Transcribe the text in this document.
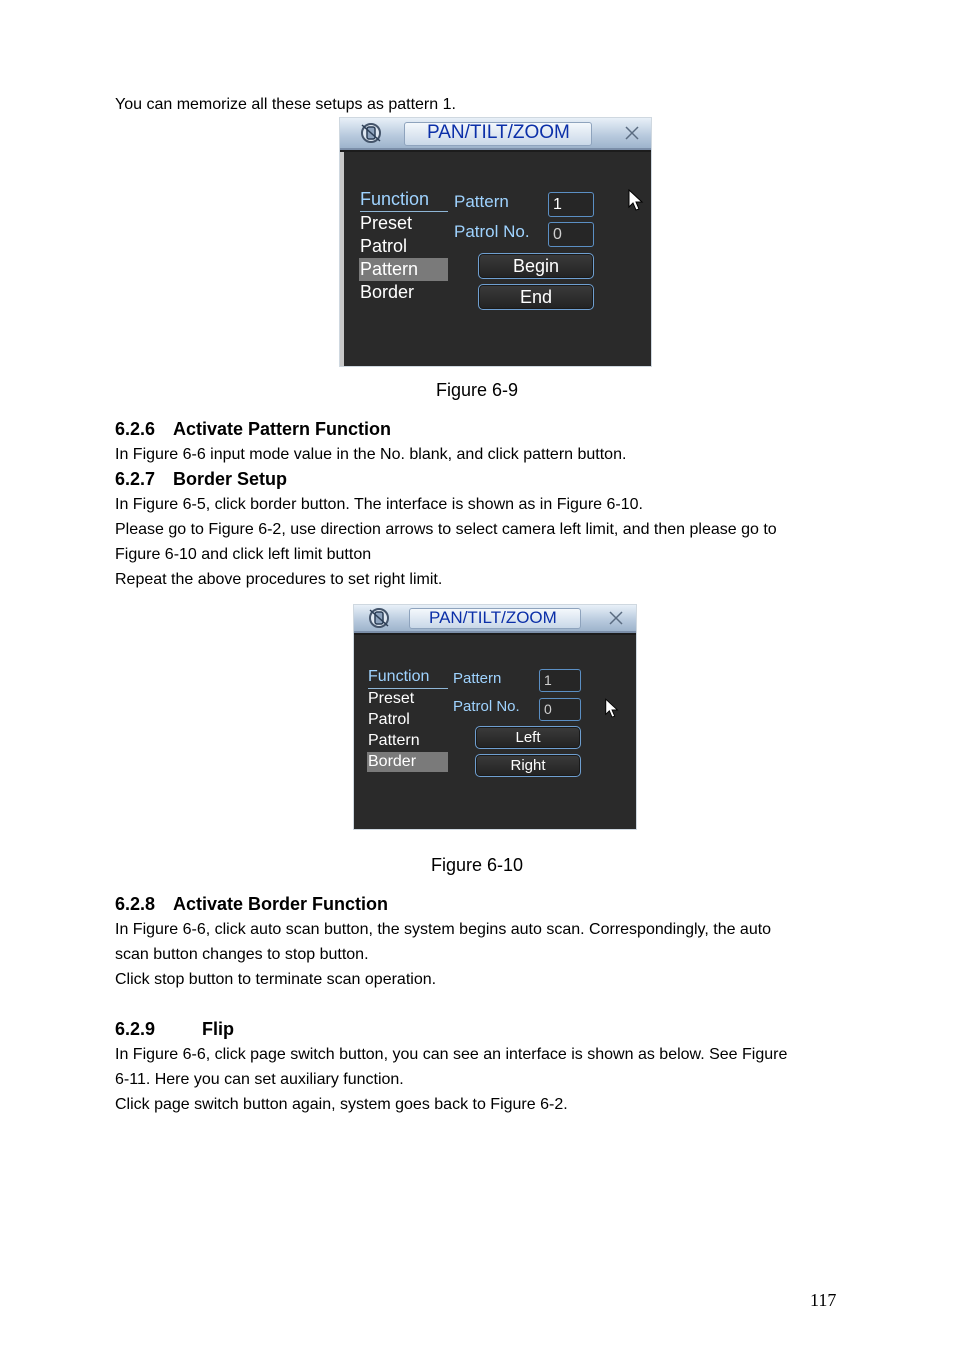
You can memorize all these setups as pattern 1.

PAN/TILT/ZOOM
Function
Preset
Patrol
Pattern
Border
Pattern	1
Patrol No.	0
Begin
End

Figure 6-9

6.2.6 Activate Pattern Function

In Figure 6-6 input mode value in the No. blank, and click pattern button.

6.2.7 Border Setup

In Figure 6-5, click border button. The interface is shown as in Figure 6-10.

Please go to Figure 6-2, use direction arrows to select camera left limit, and then please go to

Figure 6-10 and click left limit button

Repeat the above procedures to set right limit.

PAN/TILT/ZOOM
Function
Preset
Patrol
Pattern
Border
Pattern	1
Patrol No.	0
Left
Right

Figure 6-10

6.2.8 Activate Border Function

In Figure 6-6, click auto scan button, the system begins auto scan. Correspondingly, the auto

scan button changes to stop button.

Click stop button to terminate scan operation.

6.2.9	Flip

In Figure 6-6, click page switch button, you can see an interface is shown as below. See Figure

6-11. Here you can set auxiliary function.

Click page switch button again, system goes back to Figure 6-2.

117
